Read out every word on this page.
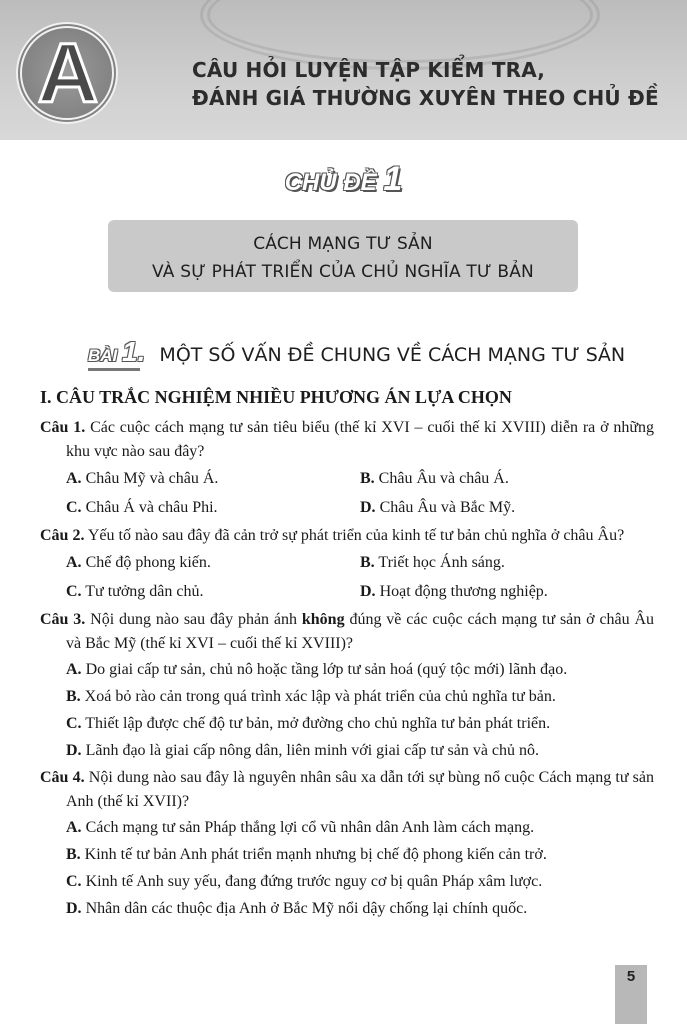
A	CÂU HỎI LUYỆN TẬP KIỂM TRA,
ĐÁNH GIÁ THƯỜNG XUYÊN THEO CHỦ ĐỀ
CHỦ ĐỀ 1
CÁCH MẠNG TƯ SẢN
VÀ SỰ PHÁT TRIỂN CỦA CHỦ NGHĨA TƯ BẢN
BÀI 1. MỘT SỐ VẤN ĐỀ CHUNG VỀ CÁCH MẠNG TƯ SẢN
I. CÂU TRẮC NGHIỆM NHIỀU PHƯƠNG ÁN LỰA CHỌN
Câu 1. Các cuộc cách mạng tư sản tiêu biểu (thế kỉ XVI – cuối thế kỉ XVIII) diễn ra ở những khu vực nào sau đây?
A. Châu Mỹ và châu Á.	B. Châu Âu và châu Á.
C. Châu Á và châu Phi.	D. Châu Âu và Bắc Mỹ.
Câu 2. Yếu tố nào sau đây đã cản trở sự phát triển của kinh tế tư bản chủ nghĩa ở châu Âu?
A. Chế độ phong kiến.	B. Triết học Ánh sáng.
C. Tư tưởng dân chủ.	D. Hoạt động thương nghiệp.
Câu 3. Nội dung nào sau đây phản ánh không đúng về các cuộc cách mạng tư sản ở châu Âu và Bắc Mỹ (thế kỉ XVI – cuối thế kỉ XVIII)?
A. Do giai cấp tư sản, chủ nô hoặc tầng lớp tư sản hoá (quý tộc mới) lãnh đạo.
B. Xoá bỏ rào cản trong quá trình xác lập và phát triển của chủ nghĩa tư bản.
C. Thiết lập được chế độ tư bản, mở đường cho chủ nghĩa tư bản phát triển.
D. Lãnh đạo là giai cấp nông dân, liên minh với giai cấp tư sản và chủ nô.
Câu 4. Nội dung nào sau đây là nguyên nhân sâu xa dẫn tới sự bùng nổ cuộc Cách mạng tư sản Anh (thế kỉ XVII)?
A. Cách mạng tư sản Pháp thắng lợi cổ vũ nhân dân Anh làm cách mạng.
B. Kinh tế tư bản Anh phát triển mạnh nhưng bị chế độ phong kiến cản trở.
C. Kinh tế Anh suy yếu, đang đứng trước nguy cơ bị quân Pháp xâm lược.
D. Nhân dân các thuộc địa Anh ở Bắc Mỹ nổi dậy chống lại chính quốc.
5
